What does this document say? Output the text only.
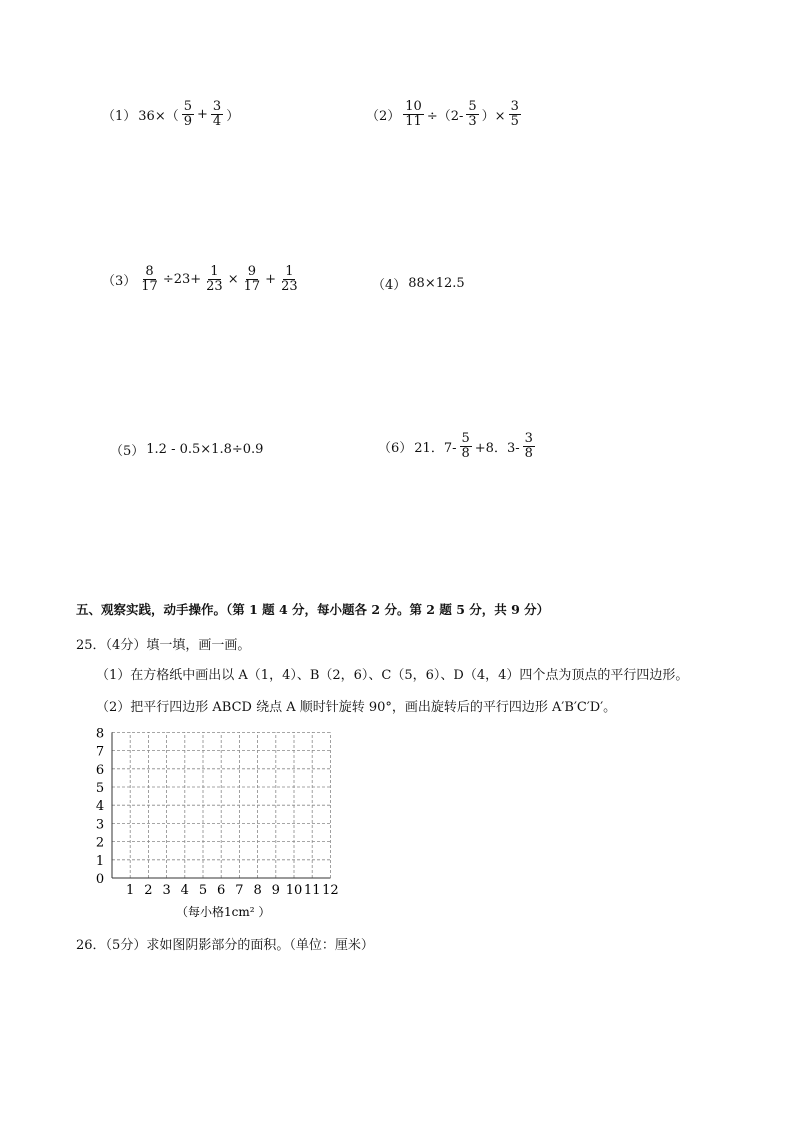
（1） $36\times( \frac{5}{9} + \frac{3}{4}$ ）	$(2) \frac{10}{11} \div(2- \frac{5}{3}$ ）× $\frac{3}{5}$
$(3) \frac{8}{17} \div 23+ \frac{1}{23} \times \frac{9}{17} + \frac{1}{23}$	（4） 88×12.5
（5） 1.2 - 0.5×1.8÷0.9	（6） 21．$7- \frac{5}{8} +8$．$3- \frac{3}{8}$
五、观察实践，动手操作。（第 1 题 4 分，每小题各 2 分。第 2 题 5 分，共 9 分）
25．（4分）填一填，画一画。
（1）在方格纸中画出以 A（1，4）、B（2，6）、C（5，6）、D（4，4）四个点为顶点的平行四边形。
（2）把平行四边形 ABCD 绕点 A 顺时针旋转 90°，画出旋转后的平行四边形 A′B′C′D′。
1 2 3 4 5 6 7 8 9 10 11 12
0
1
2
3
4
5
6
7
8
（每小格1cm² ）
26．（5分）求如图阴影部分的面积。（单位：厘米）
